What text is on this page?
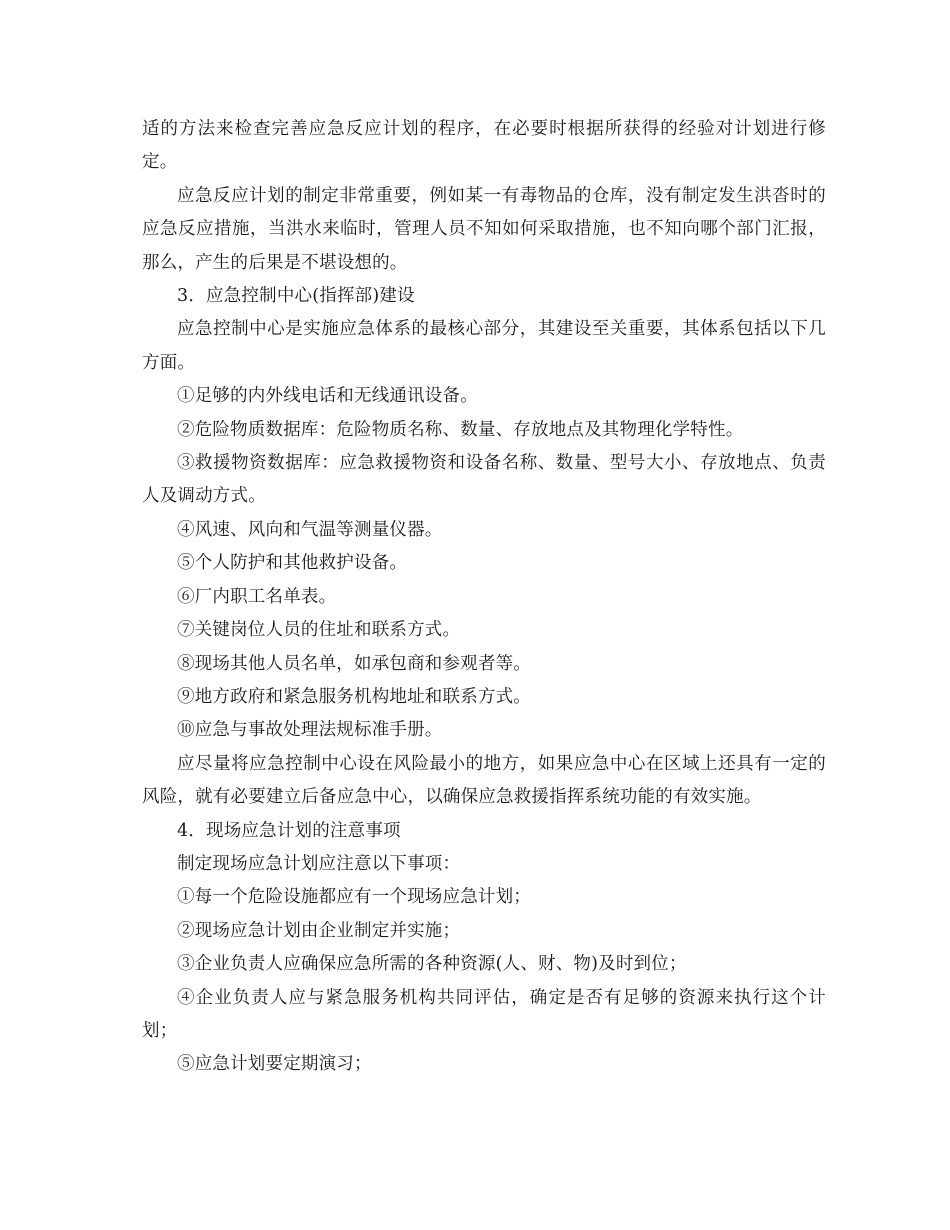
适的方法来检查完善应急反应计划的程序，在必要时根据所获得的经验对计划进行修定。

应急反应计划的制定非常重要，例如某一有毒物品的仓库，没有制定发生洪沓时的应急反应措施，当洪水来临时，管理人员不知如何采取措施，也不知向哪个部门汇报，那么，产生的后果是不堪设想的。

3．应急控制中心(指挥部)建设

应急控制中心是实施应急体系的最核心部分，其建设至关重要，其体系包括以下几方面。

①足够的内外线电话和无线通讯设备。

②危险物质数据库：危险物质名称、数量、存放地点及其物理化学特性。

③救援物资数据库：应急救援物资和设备名称、数量、型号大小、存放地点、负责人及调动方式。

④风速、风向和气温等测量仪器。

⑤个人防护和其他救护设备。

⑥厂内职工名单表。

⑦关键岗位人员的住址和联系方式。

⑧现场其他人员名单，如承包商和参观者等。

⑨地方政府和紧急服务机构地址和联系方式。

⑩应急与事故处理法规标准手册。

应尽量将应急控制中心设在风险最小的地方，如果应急中心在区域上还具有一定的风险，就有必要建立后备应急中心，以确保应急救援指挥系统功能的有效实施。

4．现场应急计划的注意事项

制定现场应急计划应注意以下事项：

①每一个危险设施都应有一个现场应急计划；

②现场应急计划由企业制定并实施；

③企业负责人应确保应急所需的各种资源(人、财、物)及时到位；

④企业负责人应与紧急服务机构共同评估，确定是否有足够的资源来执行这个计划；

⑤应急计划要定期演习；
